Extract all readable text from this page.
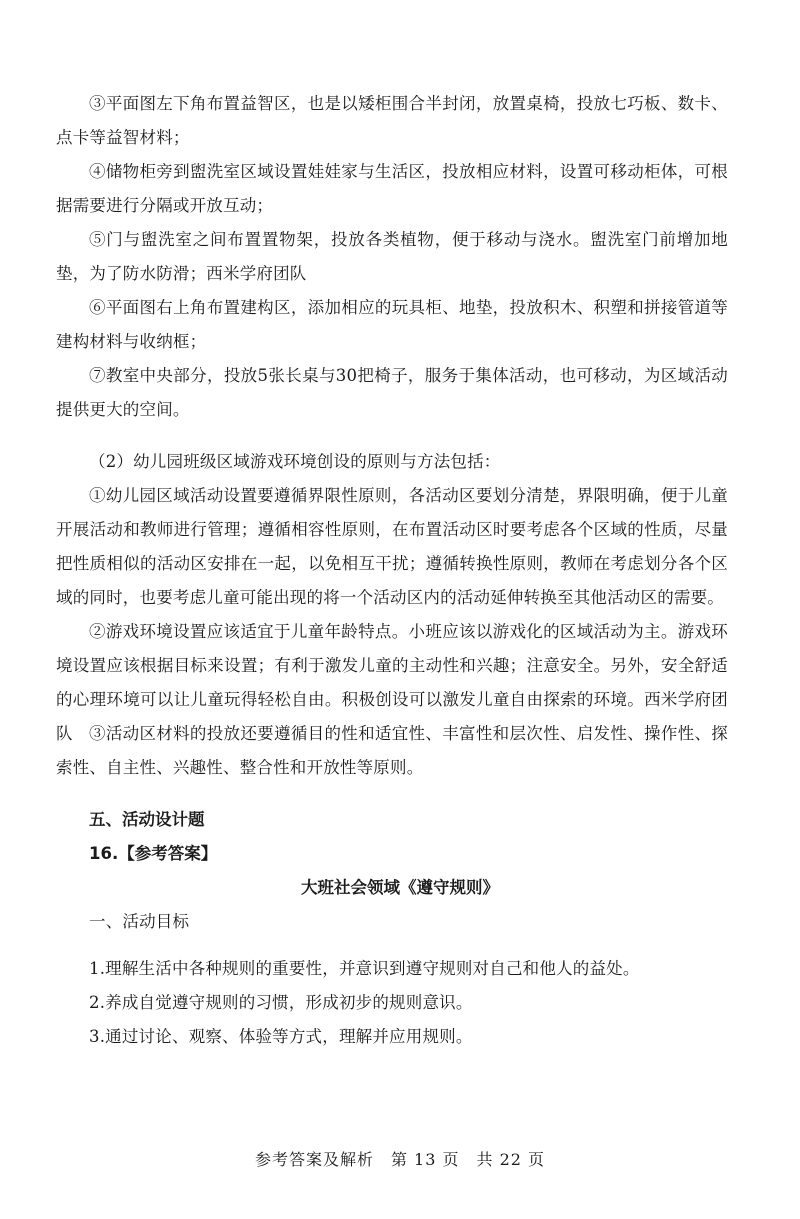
③平面图左下角布置益智区，也是以矮柜围合半封闭，放置桌椅，投放七巧板、数卡、点卡等益智材料；
④储物柜旁到盥洗室区域设置娃娃家与生活区，投放相应材料，设置可移动柜体，可根据需要进行分隔或开放互动；
⑤门与盥洗室之间布置置物架，投放各类植物，便于移动与浇水。盥洗室门前增加地垫，为了防水防滑；西米学府团队
⑥平面图右上角布置建构区，添加相应的玩具柜、地垫，投放积木、积塑和拼接管道等建构材料与收纳框；
⑦教室中央部分，投放5张长桌与30把椅子，服务于集体活动，也可移动，为区域活动提供更大的空间。
（2）幼儿园班级区域游戏环境创设的原则与方法包括：
①幼儿园区域活动设置要遵循界限性原则，各活动区要划分清楚，界限明确，便于儿童开展活动和教师进行管理；遵循相容性原则，在布置活动区时要考虑各个区域的性质，尽量把性质相似的活动区安排在一起，以免相互干扰；遵循转换性原则，教师在考虑划分各个区域的同时，也要考虑儿童可能出现的将一个活动区内的活动延伸转换至其他活动区的需要。
②游戏环境设置应该适宜于儿童年龄特点。小班应该以游戏化的区域活动为主。游戏环境设置应该根据目标来设置；有利于激发儿童的主动性和兴趣；注意安全。另外，安全舒适的心理环境可以让儿童玩得轻松自由。积极创设可以激发儿童自由探索的环境。西米学府团队 ③活动区材料的投放还要遵循目的性和适宜性、丰富性和层次性、启发性、操作性、探索性、自主性、兴趣性、整合性和开放性等原则。
五、活动设计题
16.【参考答案】
大班社会领域《遵守规则》
一、活动目标
1.理解生活中各种规则的重要性，并意识到遵守规则对自己和他人的益处。
2.养成自觉遵守规则的习惯，形成初步的规则意识。
3.通过讨论、观察、体验等方式，理解并应用规则。
参考答案及解析　第 13 页　共 22 页
